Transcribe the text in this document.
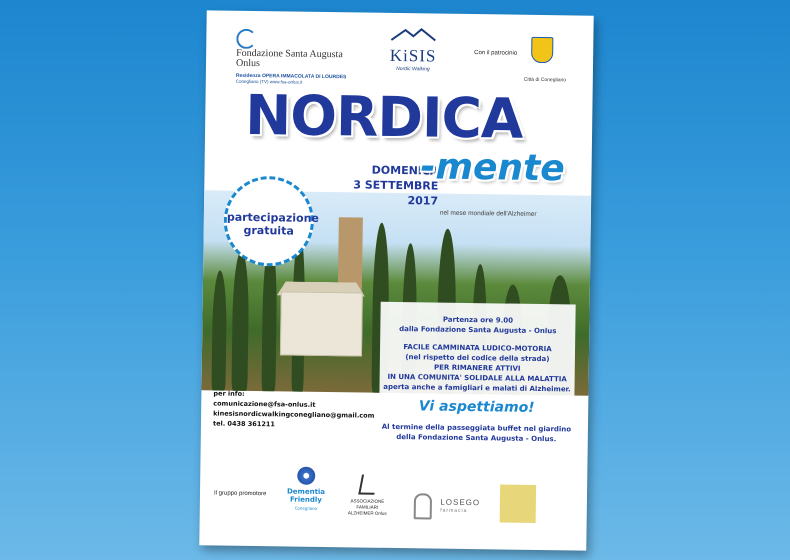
Fondazione Santa Augusta
Onlus
Residenza OPERA IMMACOLATA DI LOURDES
Conegliano (TV) www.fsa-onlus.it
KiSIS
Nordic Walking
Con il patrocinio
Città di Conegliano
NORDICA
DOMENICA
3 SETTEMBRE 2017
-mente
nel mese mondiale dell'Alzheimer
partecipazione
gratuita
Partenza ore 9.00
dalla Fondazione Santa Augusta - Onlus
FACILE CAMMINATA LUDICO-MOTORIA
(nel rispetto del codice della strada)
PER RIMANERE ATTIVI
IN UNA COMUNITA' SOLIDALE ALLA MALATTIA
aperta anche a famigliari e malati di Alzheimer.
Vi aspettiamo!
Al termine della passeggiata buffet nel giardino
della Fondazione Santa Augusta - Onlus.
per info:
comunicazione@fsa-onlus.it
kinesisnordicwalkingconegliano@gmail.com
tel. 0438 361211
Il gruppo promotore	Dementia
Friendly
Conegliano
ASSOCIAZIONE FAMILIARI
ALZHEIMER Onlus
LOSEGO
farmacia
